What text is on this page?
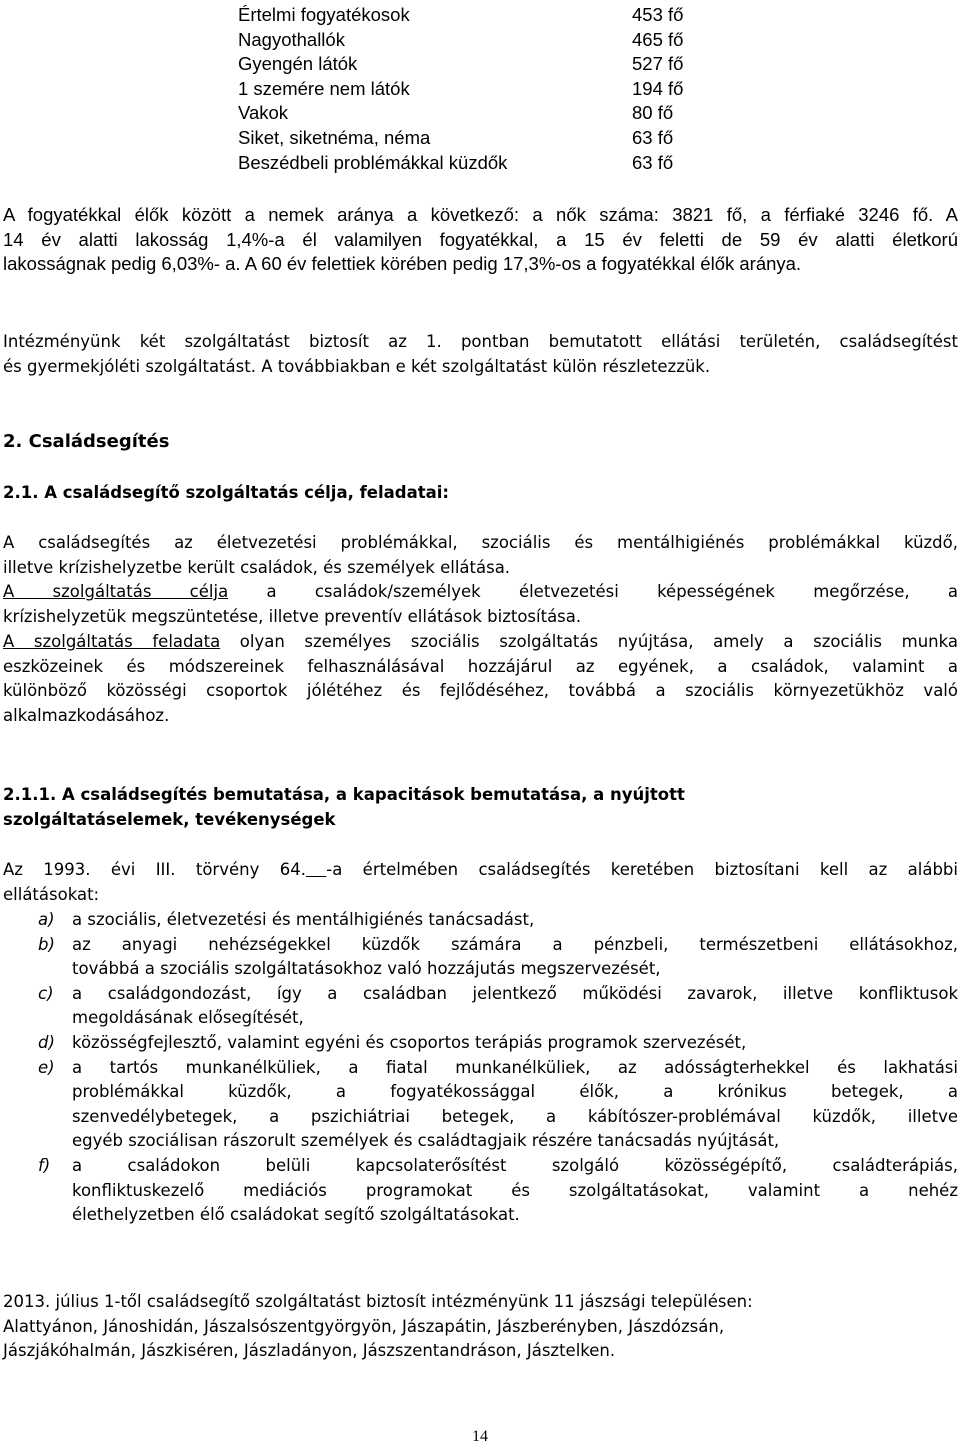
Értelmi fogyatékosok	453 fő
Nagyothallók	465 fő
Gyengén látók	527 fő
1 szemére nem látók	194 fő
Vakok	80 fő
Siket, siketnéma, néma	63 fő
Beszédbeli problémákkal küzdők	63 fő
A fogyatékkal élők között a nemek aránya a következő: a nők száma: 3821 fő, a férfiaké 3246 fő. A
14 év alatti lakosság 1,4%-a él valamilyen fogyatékkal, a 15 év feletti de 59 év alatti életkorú
lakosságnak pedig 6,03%- a. A 60 év felettiek körében pedig 17,3%-os a fogyatékkal élők aránya.
Intézményünk két szolgáltatást biztosít az 1. pontban bemutatott ellátási területén, családsegítést
és gyermekjóléti szolgáltatást. A továbbiakban e két szolgáltatást külön részletezzük.
2. Családsegítés
2.1. A családsegítő szolgáltatás célja, feladatai:
A családsegítés az életvezetési problémákkal, szociális és mentálhigiénés problémákkal küzdő,
illetve krízishelyzetbe került családok, és személyek ellátása.
A szolgáltatás célja a családok/személyek életvezetési képességének megőrzése, a
krízishelyzetük megszüntetése, illetve preventív ellátások biztosítása.
A szolgáltatás feladata olyan személyes szociális szolgáltatás nyújtása, amely a szociális munka
eszközeinek és módszereinek felhasználásával hozzájárul az egyének, a családok, valamint a
különböző közösségi csoportok jólétéhez és fejlődéséhez, továbbá a szociális környezetükhöz való
alkalmazkodásához.
2.1.1. A családsegítés bemutatása, a kapacitások bemutatása, a nyújtott
szolgáltatáselemek, tevékenységek
Az 1993. évi III. törvény 64. -a értelmében családsegítés keretében biztosítani kell az alábbi
ellátásokat:
a) a szociális, életvezetési és mentálhigiénés tanácsadást,
b) az anyagi nehézségekkel küzdők számára a pénzbeli, természetbeni ellátásokhoz,
továbbá a szociális szolgáltatásokhoz való hozzájutás megszervezését,
c) a családgondozást, így a családban jelentkező működési zavarok, illetve konfliktusok
megoldásának elősegítését,
d) közösségfejlesztő, valamint egyéni és csoportos terápiás programok szervezését,
e) a tartós munkanélküliek, a fiatal munkanélküliek, az adósságterhekkel és lakhatási
problémákkal küzdők, a fogyatékossággal élők, a krónikus betegek, a
szenvedélybetegek, a pszichiátriai betegek, a kábítószer-problémával küzdők, illetve
egyéb szociálisan rászorult személyek és családtagjaik részére tanácsadás nyújtását,
f) a családokon belüli kapcsolaterősítést szolgáló közösségépítő, családterápiás,
konfliktuskezelő mediációs programokat és szolgáltatásokat, valamint a nehéz
élethelyzetben élő családokat segítő szolgáltatásokat.
2013. július 1-től családsegítő szolgáltatást biztosít intézményünk 11 jászsági településen:
Alattyánon, Jánoshidán, Jászalsószentgyörgyön, Jászapátin, Jászberényben, Jászdózsán,
Jászjákóhalmán, Jászkiséren, Jászladányon, Jászszentandráson, Jásztelken.
14
